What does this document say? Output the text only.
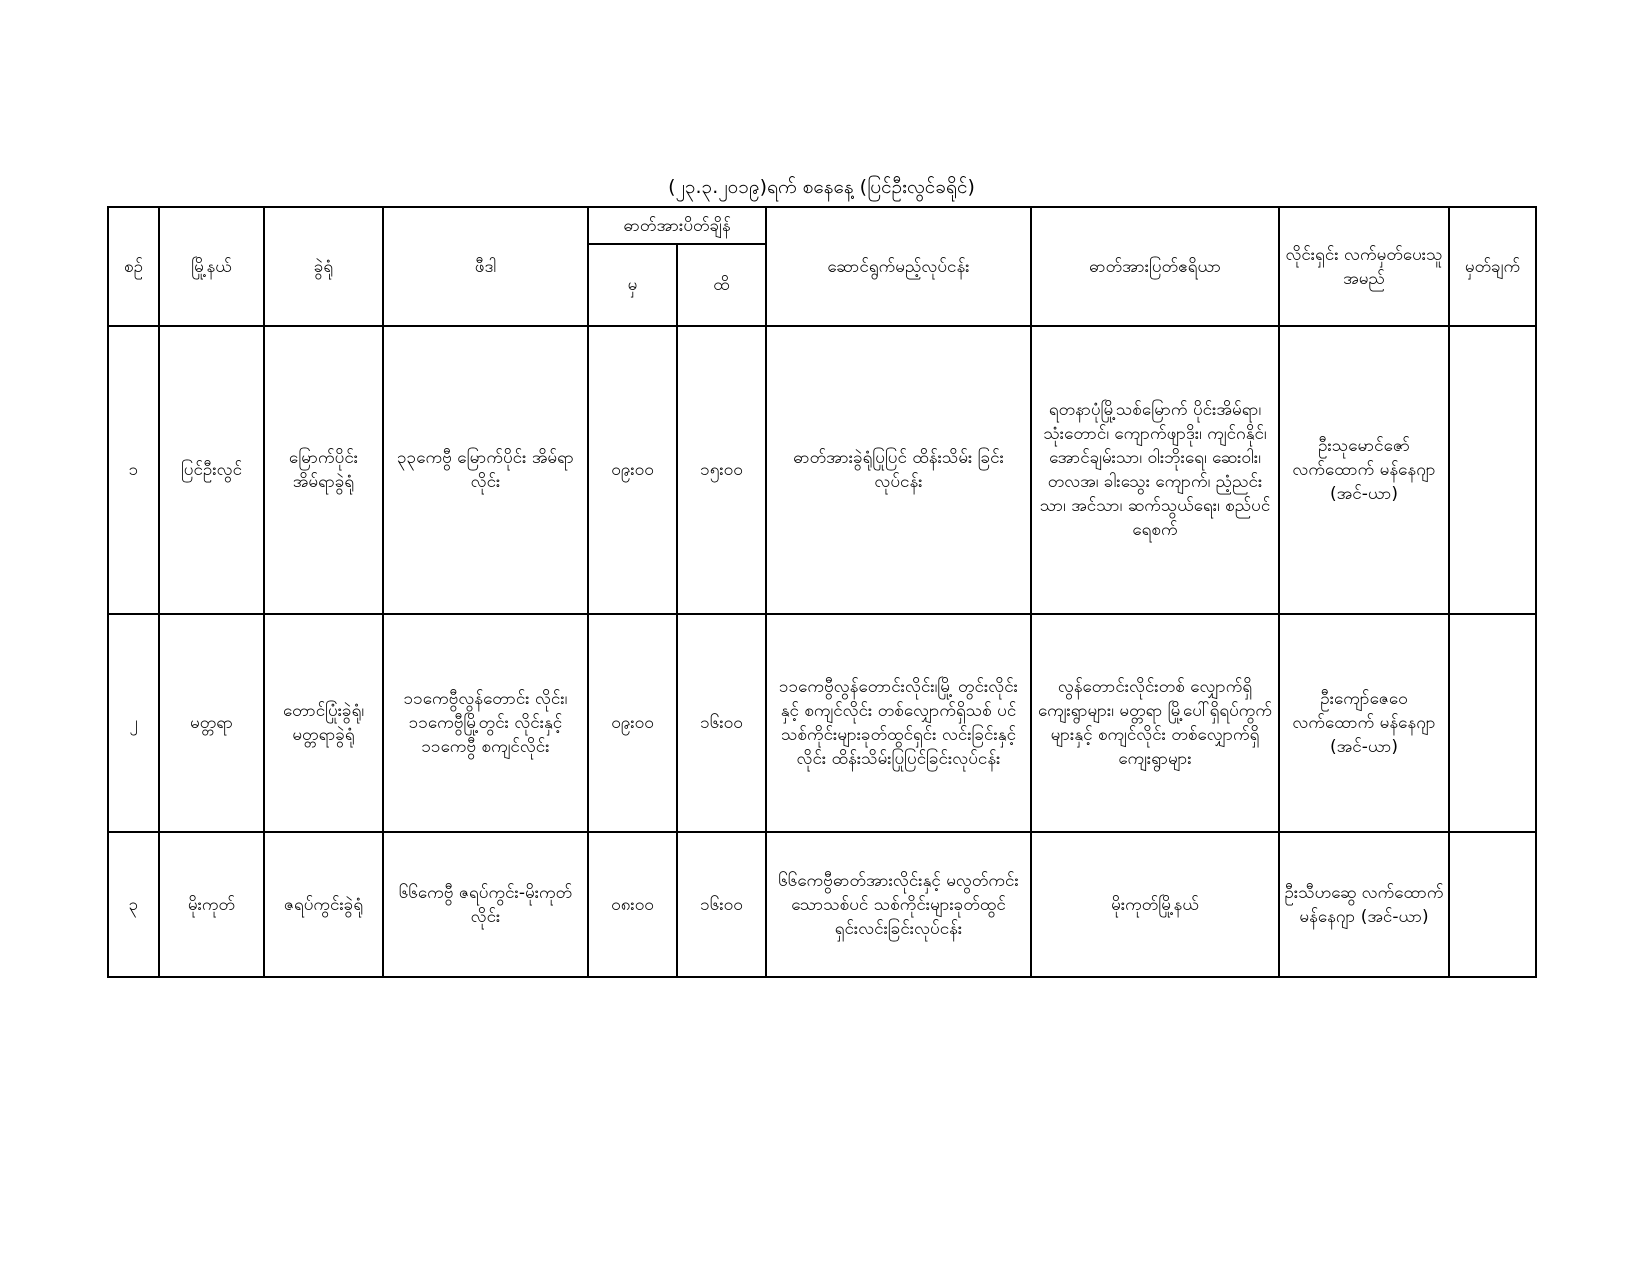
(၂၃.၃.၂၀၁၉)ရက် စနေနေ့ (ပြင်ဦးလွင်ခရိုင်)
စဉ်	မြို့နယ်	ခွဲရုံ	ဖီဒါ	ဓာတ်အားပိတ်ချိန်		ဆောင်ရွက်မည့်လုပ်ငန်း	ဓာတ်အားပြတ်ဧရိယာ	လိုင်းရှင်း လက်မှတ်ပေးသူ အမည်	မှတ်ချက်
				မှ	ထိ				
၁	ပြင်ဦးလွင်	မြောက်ပိုင်း အိမ်ရာခွဲရုံ	၃၃ကေဗွီ မြောက်ပိုင်း အိမ်ရာလိုင်း	၀၉း၀၀	၁၅း၀၀	ဓာတ်အားခွဲရုံပြုပြင် ထိန်းသိမ်း ခြင်းလုပ်ငန်း	ရတနာပုံမြို့သစ်မြောက် ပိုင်းအိမ်ရာ၊ သုံးတောင်၊ ကျောက်ဖျာဒိုး၊ ကျင်ဂနိုင်၊ အောင်ချမ်းသာ၊ ဝါးဘိုးရေ၊ ဆေးဝါး၊ တလအ၊ ခါးသွေး ကျောက်၊ ညံ့ညင်းသာ၊ အင်သာ၊ ဆက်သွယ်ရေး၊ စည်ပင်ရေစက်	ဦးသုမောင်ဇော် လက်ထောက် မန်နေဂျာ (အင်-ယာ)	
၂	မတ္တရာ	တောင်ပြုံးခွဲရုံ၊ မတ္တရာခွဲရုံ	၁၁ကေဗွီလွန်တောင်း လိုင်း၊၁၁ကေဗွီမြို့တွင်း လိုင်းနှင့် ၁၁ကေဗွီ စကျင်လိုင်း	၀၉း၀၀	၁၆း၀၀	၁၁ကေဗွီလွန်တောင်းလိုင်း၊မြို့ တွင်းလိုင်းနှင့် စကျင်လိုင်း တစ်လျှောက်ရှိသစ် ပင်သစ်ကိုင်းများခုတ်ထွင်ရှင်း လင်းခြင်းနှင့် လိုင်း ထိန်းသိမ်းပြုပြင်ခြင်းလုပ်ငန်း	လွန်တောင်းလိုင်းတစ် လျှောက်ရှိ ကျေးရွာများ၊ မတ္တရာ မြို့ပေါ်ရှိရပ်ကွက် များနှင့် စကျင်လိုင်း တစ်လျှောက်ရှိကျေးရွာများ	ဦးကျော်ဇေဝေ လက်ထောက် မန်နေဂျာ (အင်-ယာ)	
၃	မိုးကုတ်	ဇရပ်ကွင်းခွဲရုံ	၆၆ကေဗွီ ဇရပ်ကွင်း-မိုးကုတ် လိုင်း	၀၈း၀၀	၁၆း၀၀	၆၆ကေဗွီဓာတ်အားလိုင်းနှင့် မလွတ်ကင်းသောသစ်ပင် သစ်ကိုင်းများခုတ်ထွင် ရှင်းလင်းခြင်းလုပ်ငန်း	မိုးကုတ်မြို့နယ်	ဦးသီဟဆွေ လက်ထောက် မန်နေဂျာ (အင်-ယာ)	
